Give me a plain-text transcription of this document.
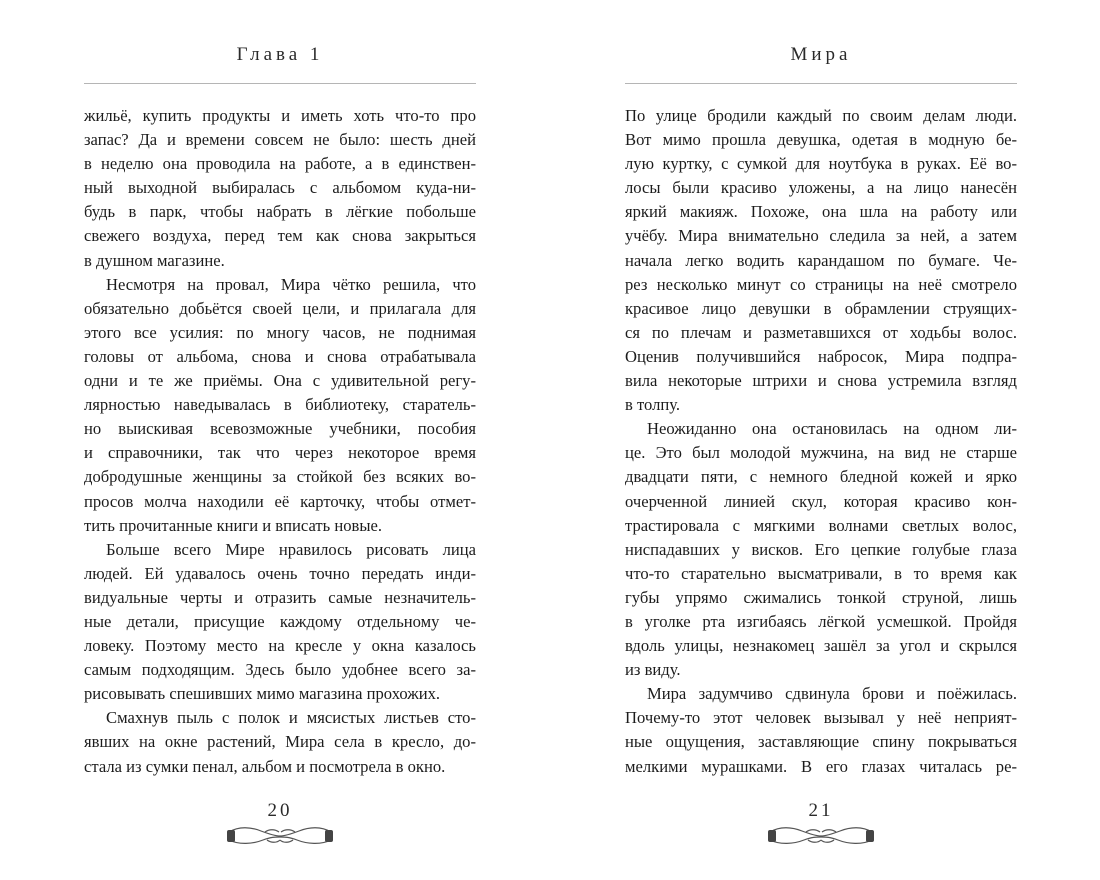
Глава 1
жильё, купить продукты и иметь хоть что-то про
запас? Да и времени совсем не было: шесть дней
в неделю она проводила на работе, а в единствен-
ный выходной выбиралась с альбомом куда-ни-
будь в парк, чтобы набрать в лёгкие побольше
свежего воздуха, перед тем как снова закрыться
в душном магазине.
Несмотря на провал, Мира чётко решила, что
обязательно добьётся своей цели, и прилагала для
этого все усилия: по многу часов, не поднимая
головы от альбома, снова и снова отрабатывала
одни и те же приёмы. Она с удивительной регу-
лярностью наведывалась в библиотеку, старатель-
но выискивая всевозможные учебники, пособия
и справочники, так что через некоторое время
добродушные женщины за стойкой без всяких во-
просов молча находили её карточку, чтобы отмет-
тить прочитанные книги и вписать новые.
Больше всего Мире нравилось рисовать лица
людей. Ей удавалось очень точно передать инди-
видуальные черты и отразить самые незначитель-
ные детали, присущие каждому отдельному че-
ловеку. Поэтому место на кресле у окна казалось
самым подходящим. Здесь было удобнее всего за-
рисовывать спешивших мимо магазина прохожих.
Смахнув пыль с полок и мясистых листьев сто-
явших на окне растений, Мира села в кресло, до-
стала из сумки пенал, альбом и посмотрела в окно.
20
Мира
По улице бродили каждый по своим делам люди.
Вот мимо прошла девушка, одетая в модную бе-
лую куртку, с сумкой для ноутбука в руках. Её во-
лосы были красиво уложены, а на лицо нанесён
яркий макияж. Похоже, она шла на работу или
учёбу. Мира внимательно следила за ней, а затем
начала легко водить карандашом по бумаге. Че-
рез несколько минут со страницы на неё смотрело
красивое лицо девушки в обрамлении струящих-
ся по плечам и разметавшихся от ходьбы волос.
Оценив получившийся набросок, Мира подпра-
вила некоторые штрихи и снова устремила взгляд
в толпу.
Неожиданно она остановилась на одном ли-
це. Это был молодой мужчина, на вид не старше
двадцати пяти, с немного бледной кожей и ярко
очерченной линией скул, которая красиво кон-
трастировала с мягкими волнами светлых волос,
ниспадавших у висков. Его цепкие голубые глаза
что-то старательно высматривали, в то время как
губы упрямо сжимались тонкой струной, лишь
в уголке рта изгибаясь лёгкой усмешкой. Пройдя
вдоль улицы, незнакомец зашёл за угол и скрылся
из виду.
Мира задумчиво сдвинула брови и поёжилась.
Почему-то этот человек вызывал у неё неприят-
ные ощущения, заставляющие спину покрываться
мелкими мурашками. В его глазах читалась ре-
21
